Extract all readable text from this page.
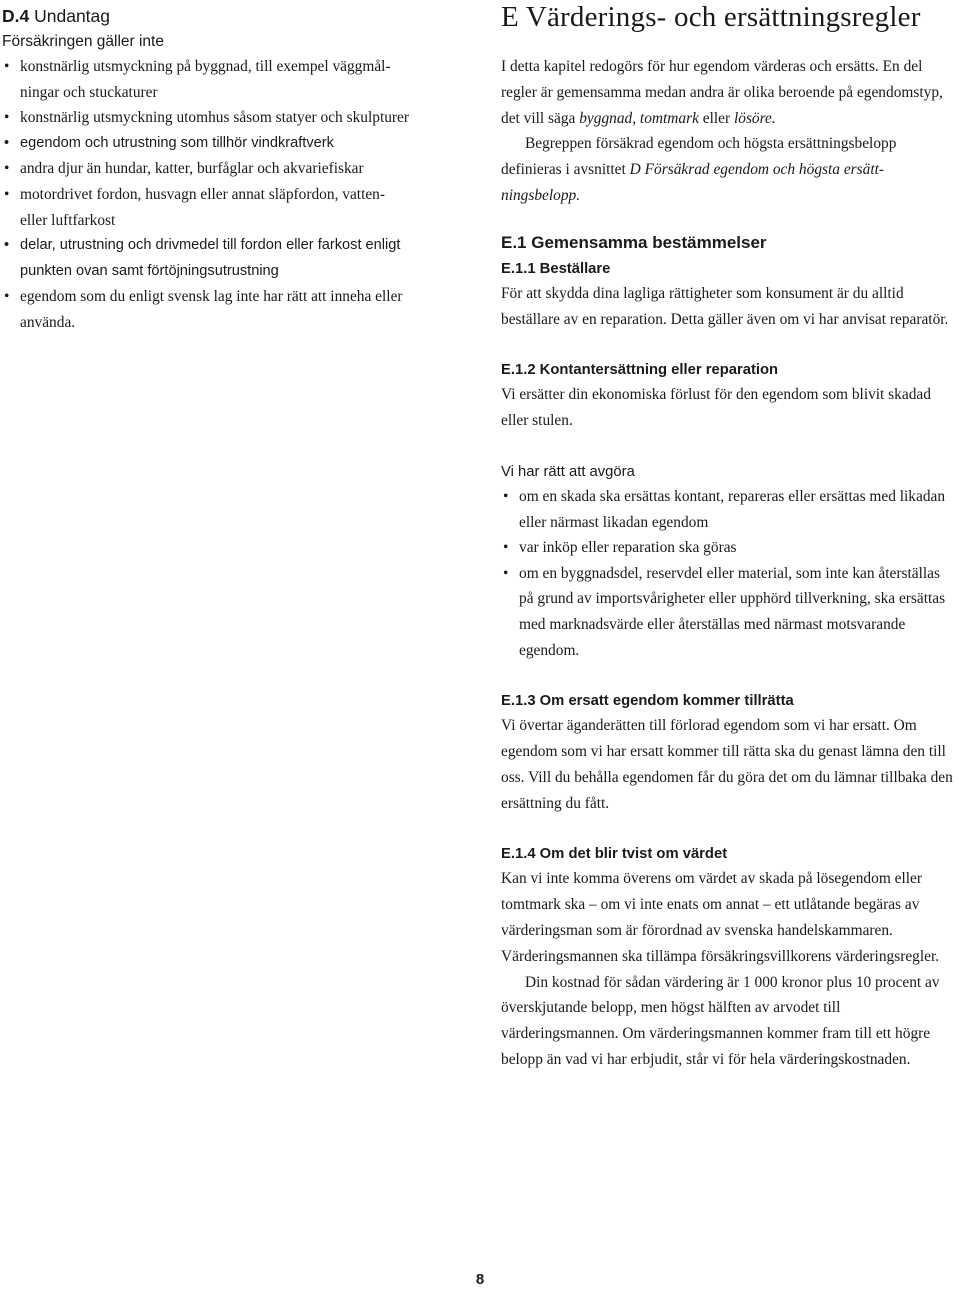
D.4 Undantag
Försäkringen gäller inte
• konstnärlig utsmyckning på byggnad, till exempel väggmål-
ningar och stuckaturer
• konstnärlig utsmyckning utomhus såsom statyer och skulpturer
• egendom och utrustning som tillhör vindkraftverk
• andra djur än hundar, katter, burfåglar och akvariefiskar
• motordrivet fordon, husvagn eller annat släpfordon, vatten-
eller luftfarkost
• delar, utrustning och drivmedel till fordon eller farkost enligt
punkten ovan samt förtöjningsutrustning
• egendom som du enligt svensk lag inte har rätt att inneha eller
använda.
E Värderings- och ersättningsregler

I detta kapitel redogörs för hur egendom värderas och ersätts. En del regler är gemensamma medan andra är olika beroende på egendomstyp, det vill säga byggnad, tomtmark eller lösöre.

Begreppen försäkrad egendom och högsta ersättningsbelopp definieras i avsnittet D Försäkrad egendom och högsta ersätt-ningsbelopp.

E.1 Gemensamma bestämmelser
E.1.1 Beställare

För att skydda dina lagliga rättigheter som konsument är du alltid beställare av en reparation. Detta gäller även om vi har anvisat reparatör.

E.1.2 Kontantersättning eller reparation

Vi ersätter din ekonomiska förlust för den egendom som blivit skadad eller stulen.

Vi har rätt att avgöra
• om en skada ska ersättas kontant, repareras eller ersättas med likadan eller närmast likadan egendom
• var inköp eller reparation ska göras
• om en byggnadsdel, reservdel eller material, som inte kan återställas på grund av importsvårigheter eller upphörd tillverkning, ska ersättas med marknadsvärde eller återställas med närmast motsvarande egendom.
E.1.3 Om ersatt egendom kommer tillrätta

Vi övertar äganderätten till förlorad egendom som vi har ersatt. Om egendom som vi har ersatt kommer till rätta ska du genast lämna den till oss. Vill du behålla egendomen får du göra det om du lämnar tillbaka den ersättning du fått.

E.1.4 Om det blir tvist om värdet

Kan vi inte komma överens om värdet av skada på lösegendom eller tomtmark ska – om vi inte enats om annat – ett utlåtande begäras av värderingsman som är förordnad av svenska handelskammaren. Värderingsmannen ska tillämpa försäkringsvillkorens värderingsregler.

Din kostnad för sådan värdering är 1 000 kronor plus 10 procent av överskjutande belopp, men högst hälften av arvodet till värderingsmannen. Om värderingsmannen kommer fram till ett högre belopp än vad vi har erbjudit, står vi för hela värderingskostnaden.

8
